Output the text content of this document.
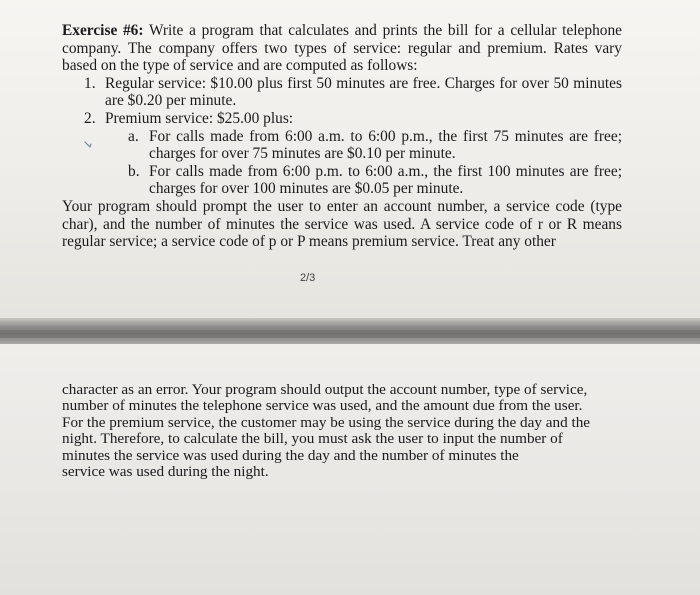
Exercise #6: Write a program that calculates and prints the bill for a cellular telephone company. The company offers two types of service: regular and premium. Rates vary based on the type of service and are computed as follows:

1. Regular service: $10.00 plus first 50 minutes are free. Charges for over 50 minutes are $0.20 per minute.

2. Premium service: $25.00 plus:

a. For calls made from 6:00 a.m. to 6:00 p.m., the first 75 minutes are free; charges for over 75 minutes are $0.10 per minute.

b. For calls made from 6:00 p.m. to 6:00 a.m., the first 100 minutes are free; charges for over 100 minutes are $0.05 per minute.

Your program should prompt the user to enter an account number, a service code (type char), and the number of minutes the service was used. A service code of r or R means regular service; a service code of p or P means premium service. Treat any other

2/3
character as an error. Your program should output the account number, type of service,
number of minutes the telephone service was used, and the amount due from the user.
For the premium service, the customer may be using the service during the day and the
night. Therefore, to calculate the bill, you must ask the user to input the number of
minutes the service was used during the day and the number of minutes the
service was used during the night.
